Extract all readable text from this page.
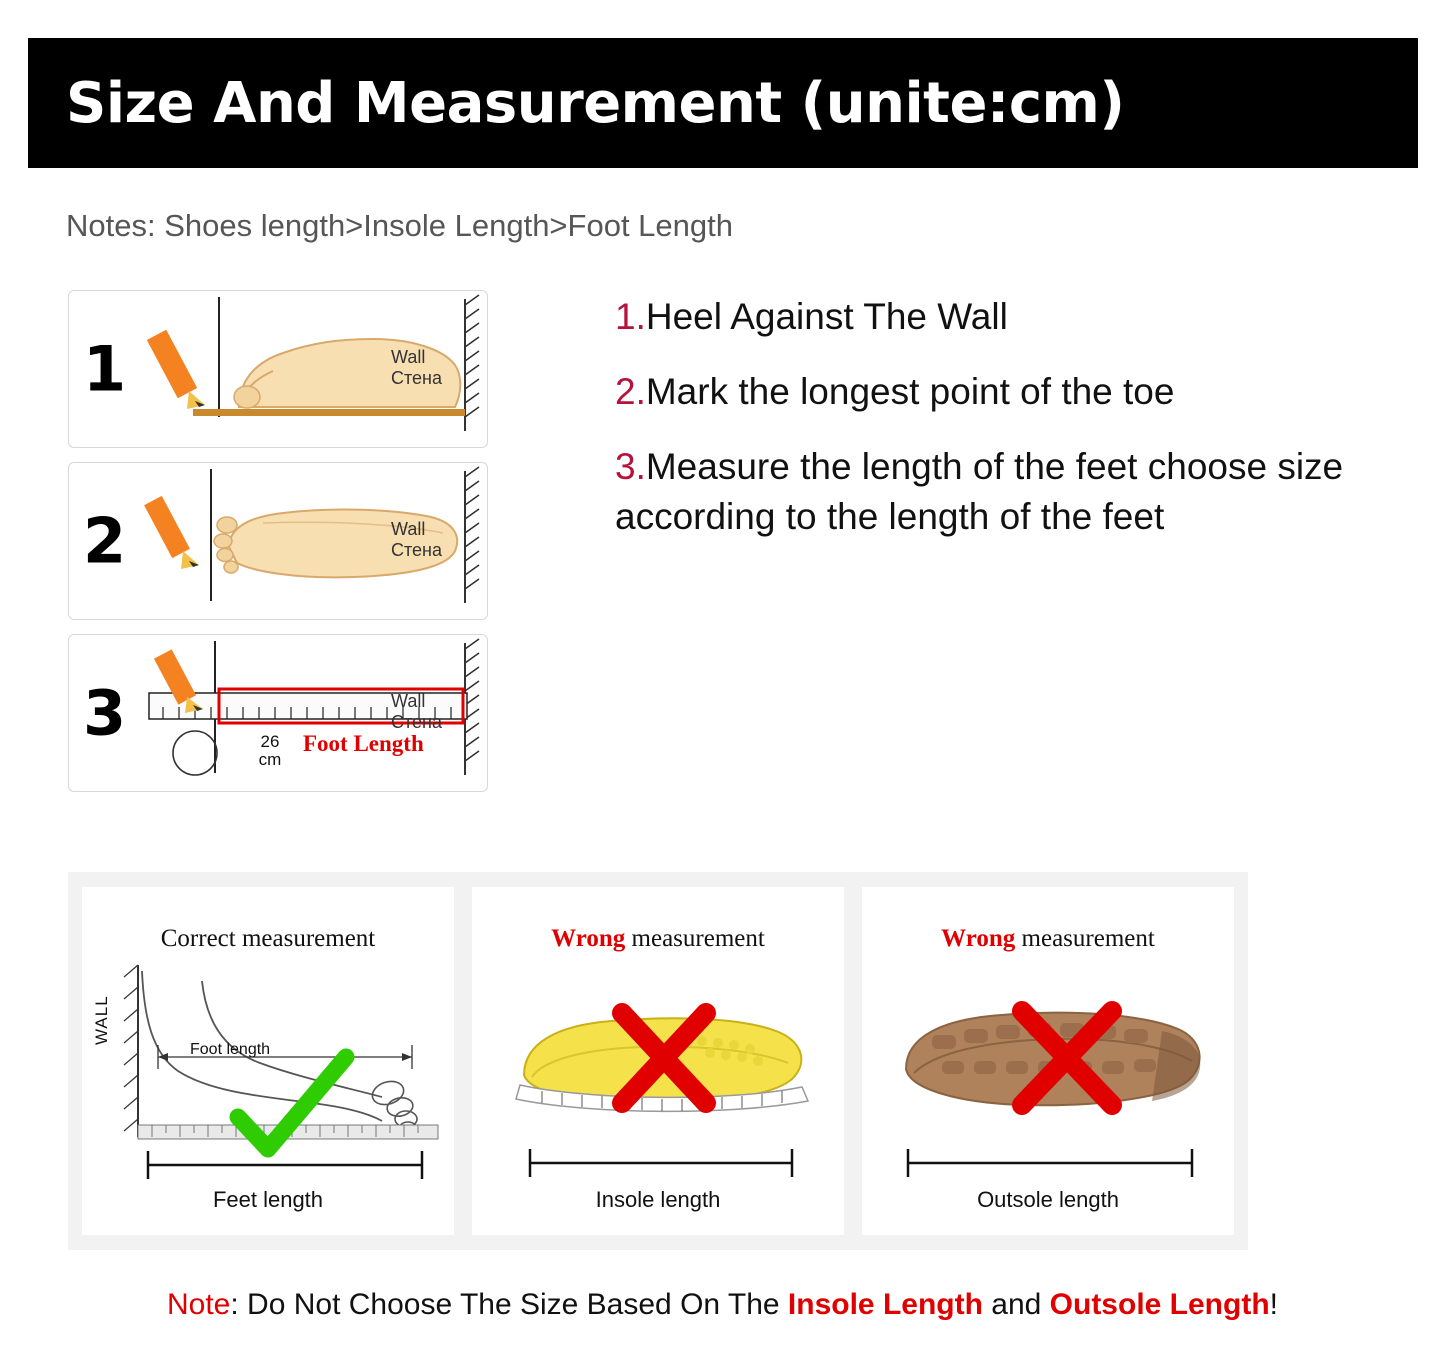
Size And Measurement (unite:cm)
Notes: Shoes length>Insole Length>Foot Length
1	Wall
Стена
2	Wall
Стена
3	Wall
Стена
26
cm
Foot Length
1.Heel Against The Wall
2.Mark the longest point of the toe
3.Measure the length of the feet choose size according to the length of the feet
Correct measurement
WALL
Foot length
Feet length
Wrong measurement
Insole length
Wrong measurement
Outsole length
Note: Do Not Choose The Size Based On The Insole Length and Outsole Length!
